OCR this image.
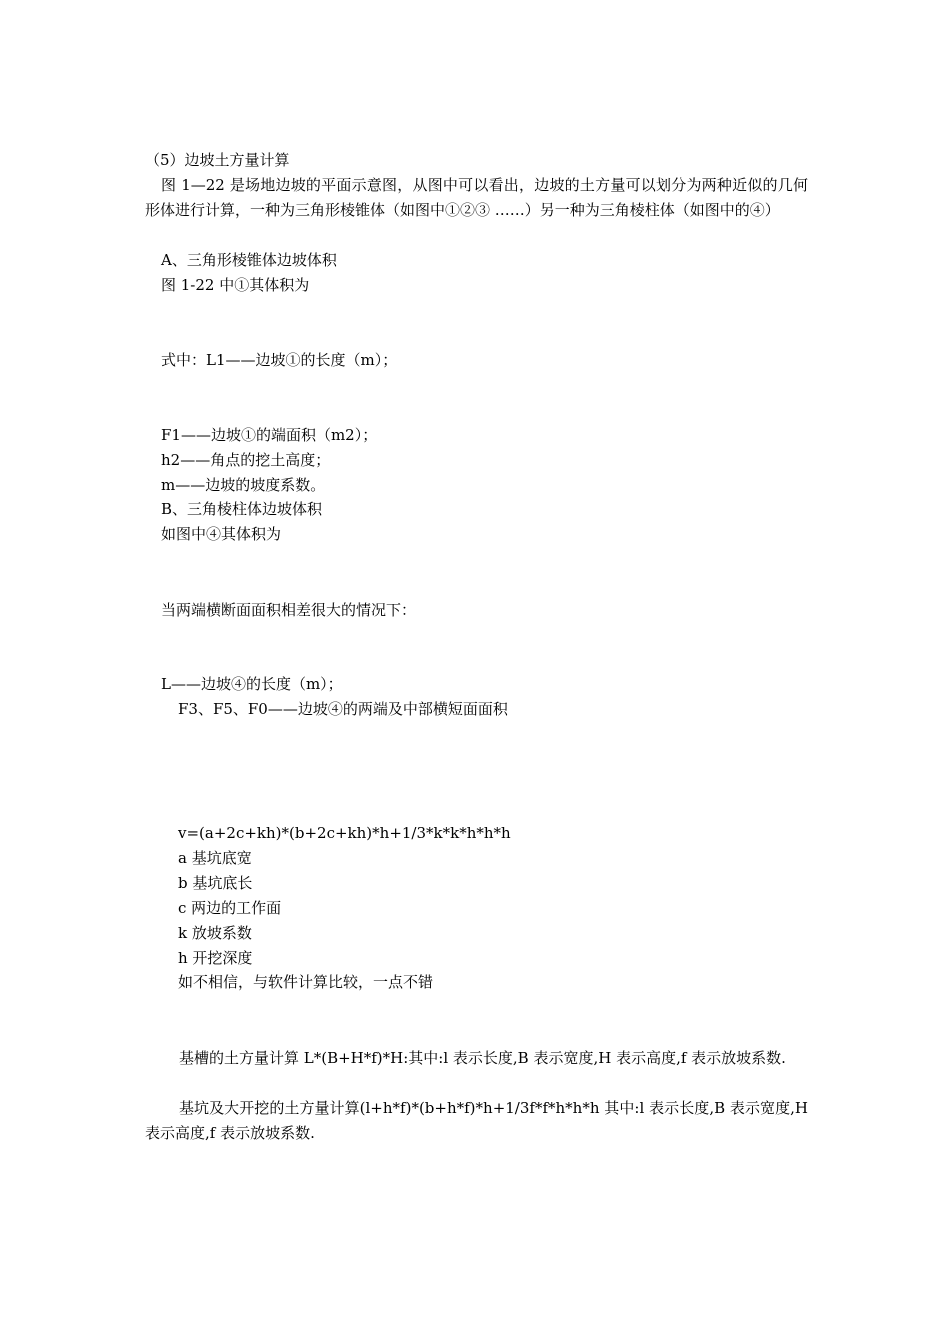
（5）边坡土方量计算
图 1—22 是场地边坡的平面示意图，从图中可以看出，边坡的土方量可以划分为两种近似的几何形体进行计算，一种为三角形棱锥体（如图中①②③ ……）另一种为三角棱柱体（如图中的④）
A、三角形棱锥体边坡体积
图 1-22 中①其体积为
式中：L1——边坡①的长度（m）；
F1——边坡①的端面积（m2）；
h2——角点的挖土高度；
m——边坡的坡度系数。
B、三角棱柱体边坡体积
如图中④其体积为
当两端横断面面积相差很大的情况下：
L——边坡④的长度（m）；
F3、F5、F0——边坡④的两端及中部横短面面积
v=(a+2c+kh)*(b+2c+kh)*h+1/3*k*k*h*h*h
a 基坑底宽
b 基坑底长
c 两边的工作面
k 放坡系数
h 开挖深度
如不相信，与软件计算比较，一点不错
基槽的土方量计算 L*(B+H*f)*H:其中:l 表示长度,B 表示宽度,H 表示高度,f 表示放坡系数.
基坑及大开挖的土方量计算(l+h*f)*(b+h*f)*h+1/3f*f*h*h*h 其中:l 表示长度,B 表示宽度,H 表示高度,f 表示放坡系数.
